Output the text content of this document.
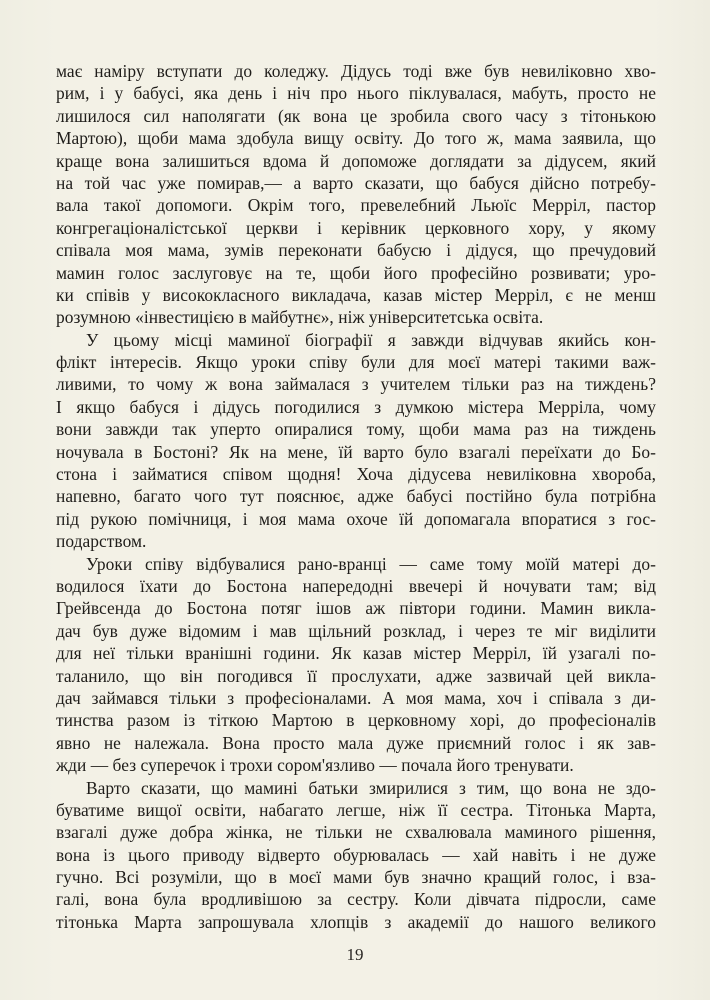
має наміру вступати до коледжу. Дідусь тоді вже був невиліковно хво-
рим, і у бабусі, яка день і ніч про нього піклувалася, мабуть, просто не
лишилося сил наполягати (як вона це зробила свого часу з тітонькою
Мартою), щоби мама здобула вищу освіту. До того ж, мама заявила, що
краще вона залишиться вдома й допоможе доглядати за дідусем, який
на той час уже помирав,— а варто сказати, що бабуся дійсно потребу-
вала такої допомоги. Окрім того, превелебний Льюїс Мерріл, пастор
конгрегаціоналістської церкви і керівник церковного хору, у якому
співала моя мама, зумів переконати бабусю і дідуся, що пречудовий
мамин голос заслуговує на те, щоби його професійно розвивати; уро-
ки співів у висококласного викладача, казав містер Мерріл, є не менш
розумною «інвестицією в майбутнє», ніж університетська освіта.
У цьому місці маминої біографії я завжди відчував якийсь кон-
флікт інтересів. Якщо уроки співу були для моєї матері такими важ-
ливими, то чому ж вона займалася з учителем тільки раз на тиждень?
І якщо бабуся і дідусь погодилися з думкою містера Мерріла, чому
вони завжди так уперто опиралися тому, щоби мама раз на тиждень
ночувала в Бостоні? Як на мене, їй варто було взагалі переїхати до Бо-
стона і займатися співом щодня! Хоча дідусева невиліковна хвороба,
напевно, багато чого тут пояснює, адже бабусі постійно була потрібна
під рукою помічниця, і моя мама охоче їй допомагала впоратися з гос-
подарством.
Уроки співу відбувалися рано-вранці — саме тому моїй матері до-
водилося їхати до Бостона напередодні ввечері й ночувати там; від
Грейвсенда до Бостона потяг ішов аж півтори години. Мамин виклa-
дач був дуже відомим і мав щільний розклад, і через те міг виділити
для неї тільки вранішні години. Як казав містер Мерріл, їй узагалі по-
таланило, що він погодився її прослухати, адже зазвичай цей викла-
дач займався тільки з професіоналами. А моя мама, хоч і співала з ди-
тинства разом із тіткою Мартою в церковному хорі, до професіоналів
явно не належала. Вона просто мала дуже приємний голос і як зав-
жди — без суперечок і трохи сором'язливо — почала його тренувати.
Варто сказати, що мамині батьки змирилися з тим, що вона не здо-
буватиме вищої освіти, набагато легше, ніж її сестра. Тітонька Марта,
взагалі дуже добра жінка, не тільки не схвалювала маминого рішення,
вона із цього приводу відверто обурювалась — хай навіть і не дуже
гучно. Всі розуміли, що в моєї мами був значно кращий голос, і взa-
галі, вона була вродливішою за сестру. Коли дівчата підросли, саме
тітонька Марта запрошувала хлопців з академії до нашого великого
19
